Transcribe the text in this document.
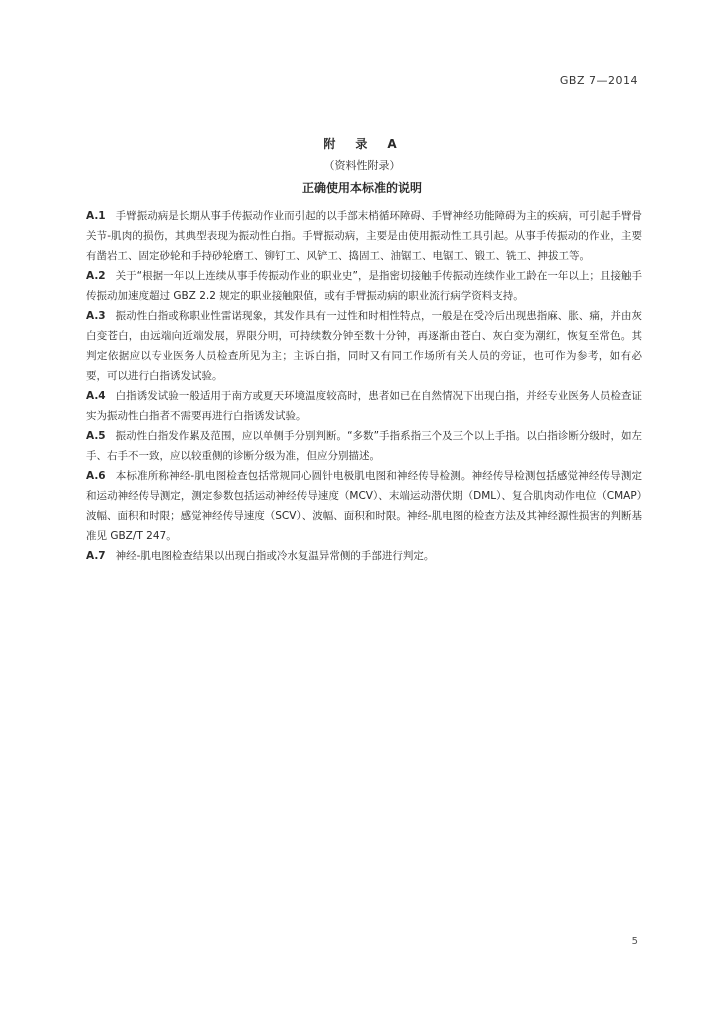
GBZ 7—2014
附　录　A
（资料性附录）
正确使用本标准的说明

A.1 手臂振动病是长期从事手传振动作业而引起的以手部末梢循环障碍、手臂神经功能障碍为主的疾病，可引起手臂骨关节-肌肉的损伤，其典型表现为振动性白指。手臂振动病，主要是由使用振动性工具引起。从事手传振动的作业，主要有凿岩工、固定砂轮和手持砂轮磨工、铆钉工、风铲工、捣固工、油锯工、电锯工、锻工、铣工、抻拔工等。

A.2 关于“根据一年以上连续从事手传振动作业的职业史”，是指密切接触手传振动连续作业工龄在一年以上；且接触手传振动加速度超过 GBZ 2.2 规定的职业接触限值，或有手臂振动病的职业流行病学资料支持。

A.3 振动性白指或称职业性雷诺现象，其发作具有一过性和时相性特点，一般是在受冷后出现患指麻、胀、痛，并由灰白变苍白，由远端向近端发展，界限分明，可持续数分钟至数十分钟，再逐渐由苍白、灰白变为潮红，恢复至常色。其判定依据应以专业医务人员检查所见为主；主诉白指，同时又有同工作场所有关人员的旁证，也可作为参考，如有必要，可以进行白指诱发试验。

A.4 白指诱发试验一般适用于南方或夏天环境温度较高时，患者如已在自然情况下出现白指，并经专业医务人员检查证实为振动性白指者不需要再进行白指诱发试验。

A.5 振动性白指发作累及范围，应以单侧手分别判断。“多数”手指系指三个及三个以上手指。以白指诊断分级时，如左手、右手不一致，应以较重侧的诊断分级为准，但应分别描述。

A.6 本标准所称神经-肌电图检查包括常规同心圆针电极肌电图和神经传导检测。神经传导检测包括感觉神经传导测定和运动神经传导测定，测定参数包括运动神经传导速度（MCV）、末端运动潜伏期（DML）、复合肌肉动作电位（CMAP）波幅、面积和时限；感觉神经传导速度（SCV）、波幅、面积和时限。神经-肌电图的检查方法及其神经源性损害的判断基准见 GBZ/T 247。

A.7 神经-肌电图检查结果以出现白指或冷水复温异常侧的手部进行判定。

5
